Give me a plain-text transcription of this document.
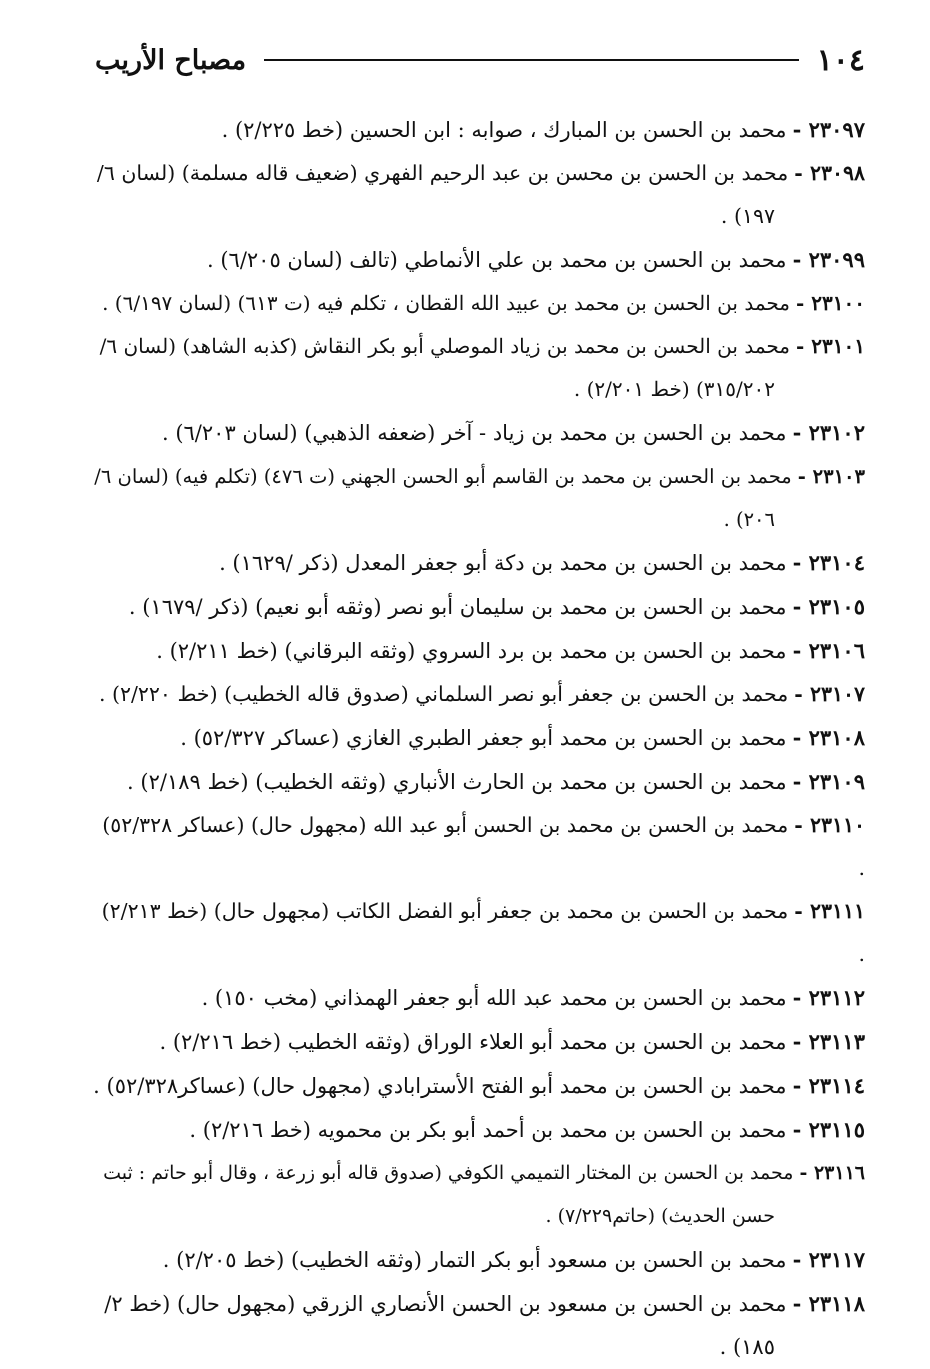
١٠٤
مصباح الأريب
٢٣٠٩٧ -محمد بن الحسن بن المبارك ، صوابه : ابن الحسين (خط ٢/٢٢٥) .
٢٣٠٩٨ -محمد بن الحسن بن محسن بن عبد الرحيم الفهري (ضعيف قاله مسلمة) (لسان ٦/
١٩٧) .
٢٣٠٩٩ -محمد بن الحسن بن محمد بن علي الأنماطي (تالف (لسان ٦/٢٠٥) .
٢٣١٠٠ -محمد بن الحسن بن محمد بن عبيد الله القطان ، تكلم فيه (ت ٦١٣) (لسان ٦/١٩٧) .
٢٣١٠١ -محمد بن الحسن بن محمد بن زياد الموصلي أبو بكر النقاش (كذبه الشاهد) (لسان ٦/
٣١٥/٢٠٢) (خط ٢/٢٠١) .
٢٣١٠٢ -محمد بن الحسن بن محمد بن زياد - آخر (ضعفه الذهبي) (لسان ٦/٢٠٣) .
٢٣١٠٣ -محمد بن الحسن بن محمد بن القاسم أبو الحسن الجهني (ت ٤٧٦) (تكلم فيه) (لسان ٦/
٢٠٦) .
٢٣١٠٤ -محمد بن الحسن بن محمد بن دكة أبو جعفر المعدل (ذكر /١٦٢٩) .
٢٣١٠٥ -محمد بن الحسن بن محمد بن سليمان أبو نصر (وثقه أبو نعيم) (ذكر /١٦٧٩) .
٢٣١٠٦ -محمد بن الحسن بن محمد بن برد السروي (وثقه البرقاني) (خط ٢/٢١١) .
٢٣١٠٧ -محمد بن الحسن بن جعفر أبو نصر السلماني (صدوق قاله الخطيب) (خط ٢/٢٢٠) .
٢٣١٠٨ -محمد بن الحسن بن محمد أبو جعفر الطبري الغازي (عساكر ٥٢/٣٢٧) .
٢٣١٠٩ -محمد بن الحسن بن محمد بن الحارث الأنباري (وثقه الخطيب) (خط ٢/١٨٩) .
٢٣١١٠ -محمد بن الحسن بن محمد بن الحسن أبو عبد الله (مجهول حال) (عساكر ٥٢/٣٢٨) .
٢٣١١١ -محمد بن الحسن بن محمد بن جعفر أبو الفضل الكاتب (مجهول حال) (خط ٢/٢١٣) .
٢٣١١٢ -محمد بن الحسن بن محمد عبد الله أبو جعفر الهمذاني (مخب ١٥٠) .
٢٣١١٣ -محمد بن الحسن بن محمد أبو العلاء الوراق (وثقه الخطيب (خط ٢/٢١٦) .
٢٣١١٤ -محمد بن الحسن بن محمد أبو الفتح الأسترابادي (مجهول حال) (عساكر٥٢/٣٢٨) .
٢٣١١٥ -محمد بن الحسن بن محمد بن أحمد أبو بكر بن محمويه (خط ٢/٢١٦) .
٢٣١١٦ -محمد بن الحسن بن المختار التميمي الكوفي (صدوق قاله أبو زرعة ، وقال أبو حاتم : ثبت
حسن الحديث) (حاتم٧/٢٢٩) .
٢٣١١٧ -محمد بن الحسن بن مسعود أبو بكر التمار (وثقه الخطيب) (خط ٢/٢٠٥) .
٢٣١١٨ -محمد بن الحسن بن مسعود بن الحسن الأنصاري الزرقي (مجهول حال) (خط ٢/
١٨٥) .
